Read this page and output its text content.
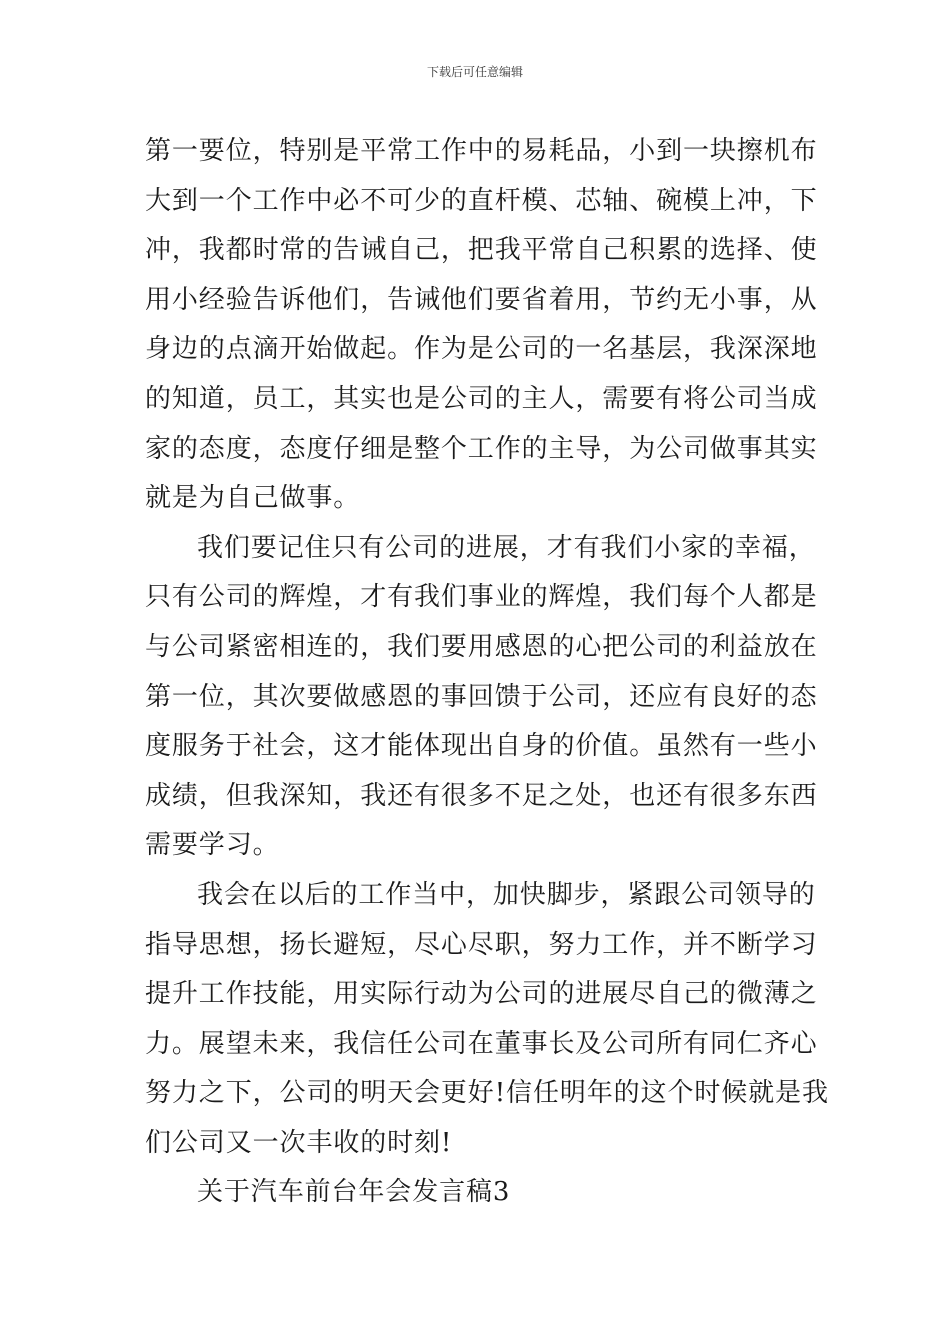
下载后可任意编辑
第一要位，特别是平常工作中的易耗品，小到一块擦机布
大到一个工作中必不可少的直杆模、芯轴、碗模上冲，下
冲，我都时常的告诫自己，把我平常自己积累的选择、使
用小经验告诉他们，告诫他们要省着用，节约无小事，从
身边的点滴开始做起。作为是公司的一名基层，我深深地
的知道，员工，其实也是公司的主人，需要有将公司当成
家的态度，态度仔细是整个工作的主导，为公司做事其实
就是为自己做事。
我们要记住只有公司的进展，才有我们小家的幸福，
只有公司的辉煌，才有我们事业的辉煌，我们每个人都是
与公司紧密相连的，我们要用感恩的心把公司的利益放在
第一位，其次要做感恩的事回馈于公司，还应有良好的态
度服务于社会，这才能体现出自身的价值。虽然有一些小
成绩，但我深知，我还有很多不足之处，也还有很多东西
需要学习。
我会在以后的工作当中，加快脚步，紧跟公司领导的
指导思想，扬长避短，尽心尽职，努力工作，并不断学习
提升工作技能，用实际行动为公司的进展尽自己的微薄之
力。展望未来，我信任公司在董事长及公司所有同仁齐心
努力之下，公司的明天会更好!信任明年的这个时候就是我
们公司又一次丰收的时刻!
关于汽车前台年会发言稿3
